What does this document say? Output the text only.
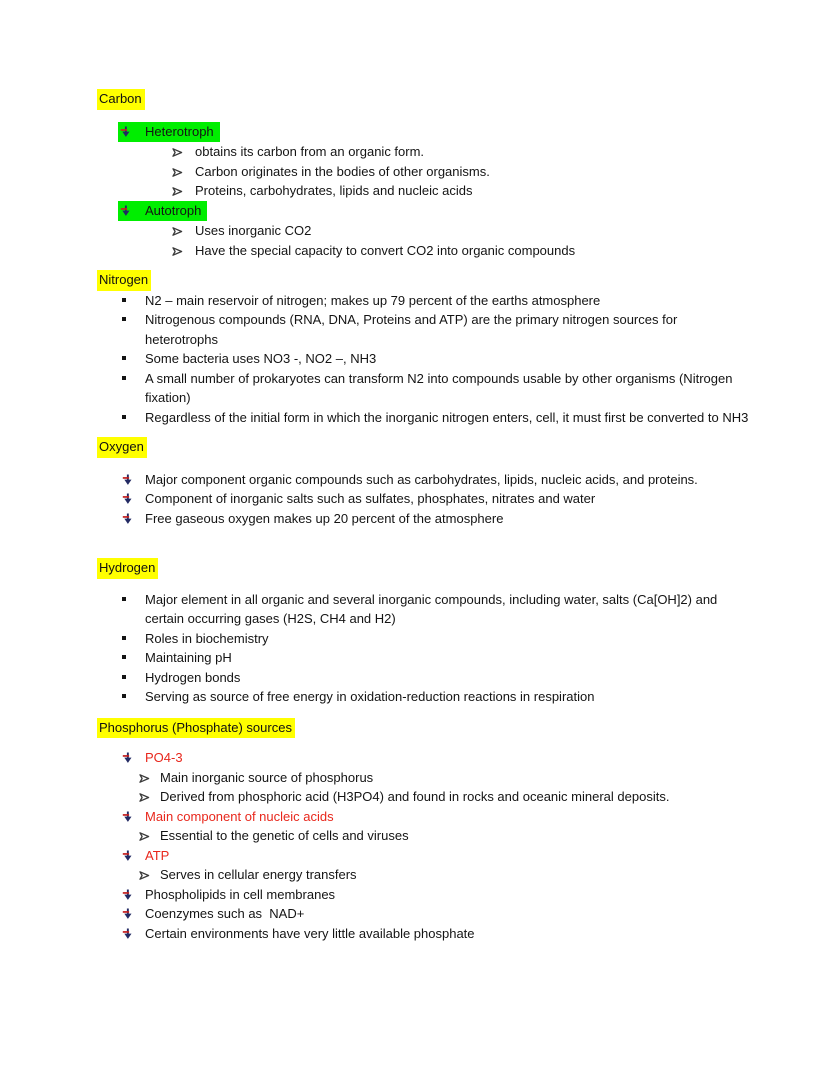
Carbon
Heterotroph
obtains its carbon from an organic form.
Carbon originates in the bodies of other organisms.
Proteins, carbohydrates, lipids and nucleic acids
Autotroph
Uses inorganic CO2
Have the special capacity to convert CO2 into organic compounds
Nitrogen
N2 – main reservoir of nitrogen; makes up 79 percent of the earths atmosphere
Nitrogenous compounds (RNA, DNA, Proteins and ATP) are the primary nitrogen sources for heterotrophs
Some bacteria uses NO3 -, NO2 –, NH3
A small number of prokaryotes can transform N2 into compounds usable by other organisms (Nitrogen fixation)
Regardless of the initial form in which the inorganic nitrogen enters, cell, it must first be converted to NH3
Oxygen
Major component organic compounds such as carbohydrates, lipids, nucleic acids, and proteins.
Component of inorganic salts such as sulfates, phosphates, nitrates and water
Free gaseous oxygen makes up 20 percent of the atmosphere
Hydrogen
Major element in all organic and several inorganic compounds, including water, salts (Ca[OH]2) and certain occurring gases (H2S, CH4 and H2)
Roles in biochemistry
Maintaining pH
Hydrogen bonds
Serving as source of free energy in oxidation-reduction reactions in respiration
Phosphorus (Phosphate) sources
PO4-3
Main inorganic source of phosphorus
Derived from phosphoric acid (H3PO4) and found in rocks and oceanic mineral deposits.
Main component of nucleic acids
Essential to the genetic of cells and viruses
ATP
Serves in cellular energy transfers
Phospholipids in cell membranes
Coenzymes such as  NAD+
Certain environments have very little available phosphate
